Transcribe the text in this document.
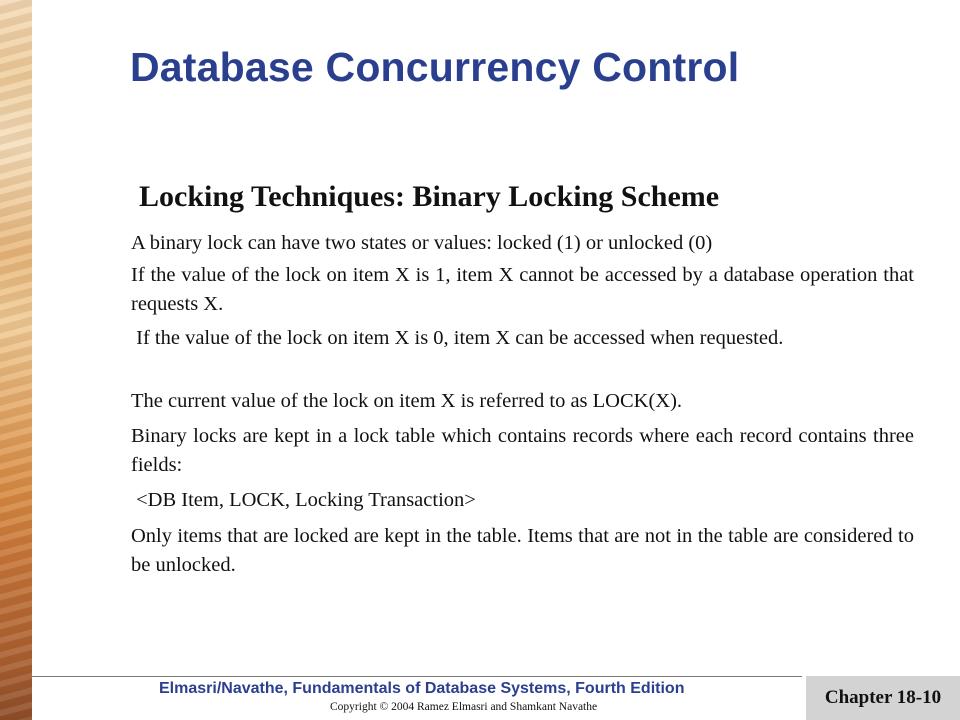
Database Concurrency Control
Locking Techniques: Binary Locking Scheme

A binary lock can have two states or values: locked (1) or unlocked (0)

If the value of the lock on item X is 1, item X cannot be accessed by a database operation that requests X.

If the value of the lock on item X is 0, item X can be accessed when requested.

The current value of the lock on item X is referred to as LOCK(X).

Binary locks are kept in a lock table which contains records where each record contains three fields:

<DB Item, LOCK, Locking Transaction>

Only items that are locked are kept in the table. Items that are not in the table are considered to be unlocked.

Elmasri/Navathe, Fundamentals of Database Systems, Fourth Edition

Copyright © 2004 Ramez Elmasri and Shamkant Navathe	Chapter 18-10
